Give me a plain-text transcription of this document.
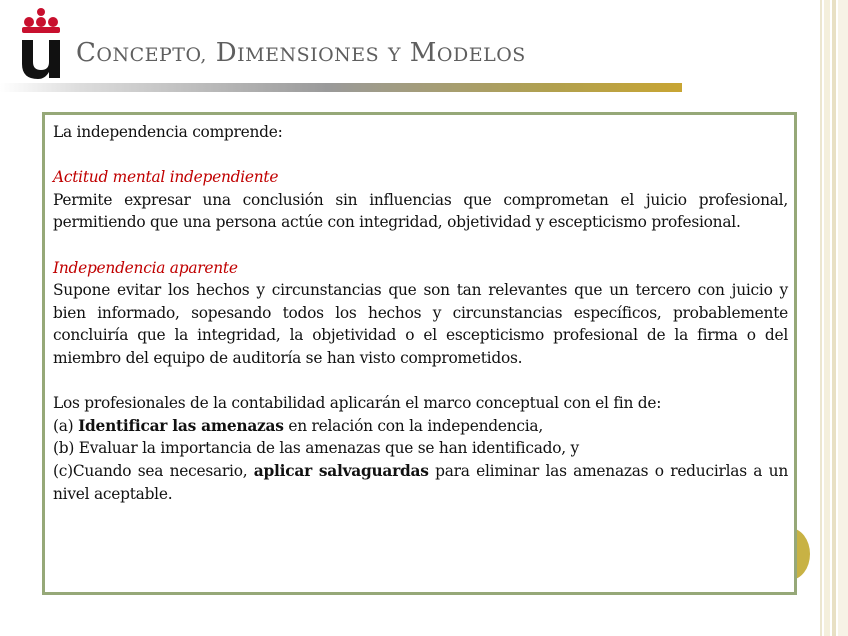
CONCEPTO, DIMENSIONES Y MODELOS

La independencia comprende:

Actitud mental independiente

Permite expresar una conclusión sin influencias que comprometan el juicio profesional, permitiendo que una persona actúe con integridad, objetividad y escepticismo profesional.

Independencia aparente

Supone evitar los hechos y circunstancias que son tan relevantes que un tercero con juicio y bien informado, sopesando todos los hechos y circunstancias específicos, probablemente concluiría que la integridad, la objetividad o el escepticismo profesional de la firma o del miembro del equipo de auditoría se han visto comprometidos.

Los profesionales de la contabilidad aplicarán el marco conceptual con el fin de:

(a) Identificar las amenazas en relación con la independencia,

(b) Evaluar la importancia de las amenazas que se han identificado, y

(c)Cuando sea necesario, aplicar salvaguardas para eliminar las amenazas o reducirlas a un nivel aceptable.
